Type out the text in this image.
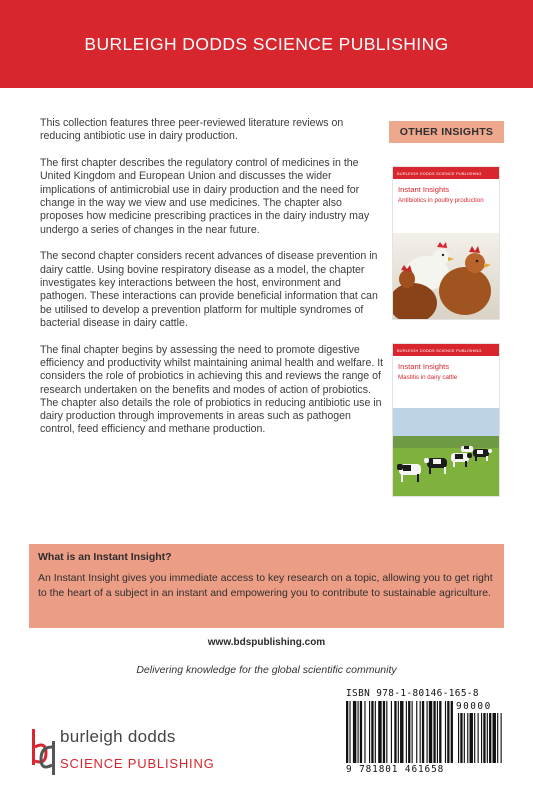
BURLEIGH DODDS SCIENCE PUBLISHING

This collection features three peer-reviewed literature reviews on reducing antibiotic use in dairy production.

The first chapter describes the regulatory control of medicines in the United Kingdom and European Union and discusses the wider implications of antimicrobial use in dairy production and the need for change in the way we view and use medicines. The chapter also proposes how medicine prescribing practices in the dairy industry may undergo a series of changes in the near future.

The second chapter considers recent advances of disease prevention in dairy cattle. Using bovine respiratory disease as a model, the chapter investigates key interactions between the host, environment and pathogen. These interactions can provide beneficial information that can be utilised to develop a prevention platform for multiple syndromes of bacterial disease in dairy cattle.

The final chapter begins by assessing the need to promote digestive efficiency and productivity whilst maintaining animal health and welfare. It considers the role of probiotics in achieving this and reviews the range of research undertaken on the benefits and modes of action of probiotics. The chapter also details the role of probiotics in reducing antibiotic use in dairy production through improvements in areas such as pathogen control, feed efficiency and methane production.

OTHER INSIGHTS
BURLEIGH DODDS SCIENCE PUBLISHING
Instant Insights
Antibiotics in poultry production
BURLEIGH DODDS SCIENCE PUBLISHING
Instant Insights
Mastitis in dairy cattle
What is an Instant Insight?
An Instant Insight gives you immediate access to key research on a topic, allowing you to get right to the heart of a subject in an instant and empowering you to contribute to sustainable agriculture.
www.bdspublishing.com
Delivering knowledge for the global scientific community
burleigh dodds
SCIENCE PUBLISHING
ISBN 978-1-80146-165-8
90000
9 781801 461658
